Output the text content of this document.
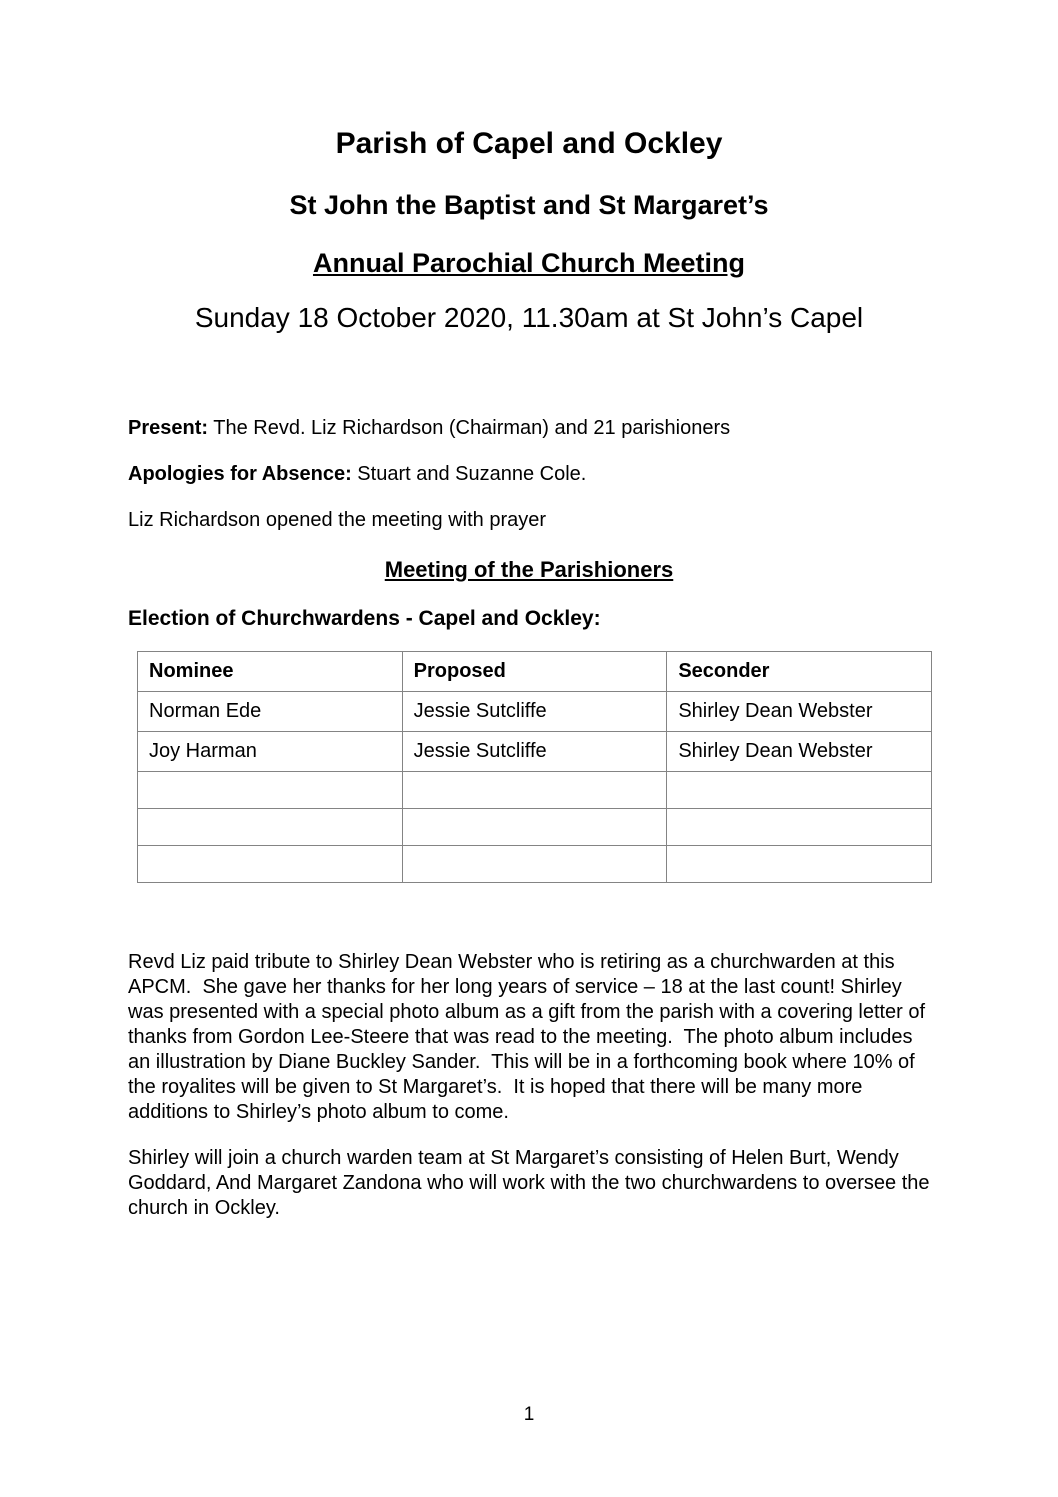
Parish of Capel and Ockley
St John the Baptist and St Margaret’s
Annual Parochial Church Meeting
Sunday 18 October 2020, 11.30am at St John’s Capel

Present: The Revd. Liz Richardson (Chairman) and 21 parishioners

Apologies for Absence: Stuart and Suzanne Cole.

Liz Richardson opened the meeting with prayer

Meeting of the Parishioners
Election of Churchwardens - Capel and Ockley:
Nominee	Proposed	Seconder
Norman Ede	Jessie Sutcliffe	Shirley Dean Webster
Joy Harman	Jessie Sutcliffe	Shirley Dean Webster

Revd Liz paid tribute to Shirley Dean Webster who is retiring as a churchwarden at this APCM.  She gave her thanks for her long years of service – 18 at the last count! Shirley was presented with a special photo album as a gift from the parish with a covering letter of thanks from Gordon Lee-Steere that was read to the meeting.  The photo album includes an illustration by Diane Buckley Sander.  This will be in a forthcoming book where 10% of the royalites will be given to St Margaret’s.  It is hoped that there will be many more additions to Shirley’s photo album to come.

Shirley will join a church warden team at St Margaret’s consisting of Helen Burt, Wendy Goddard, And Margaret Zandona who will work with the two churchwardens to oversee the church in Ockley.

1
